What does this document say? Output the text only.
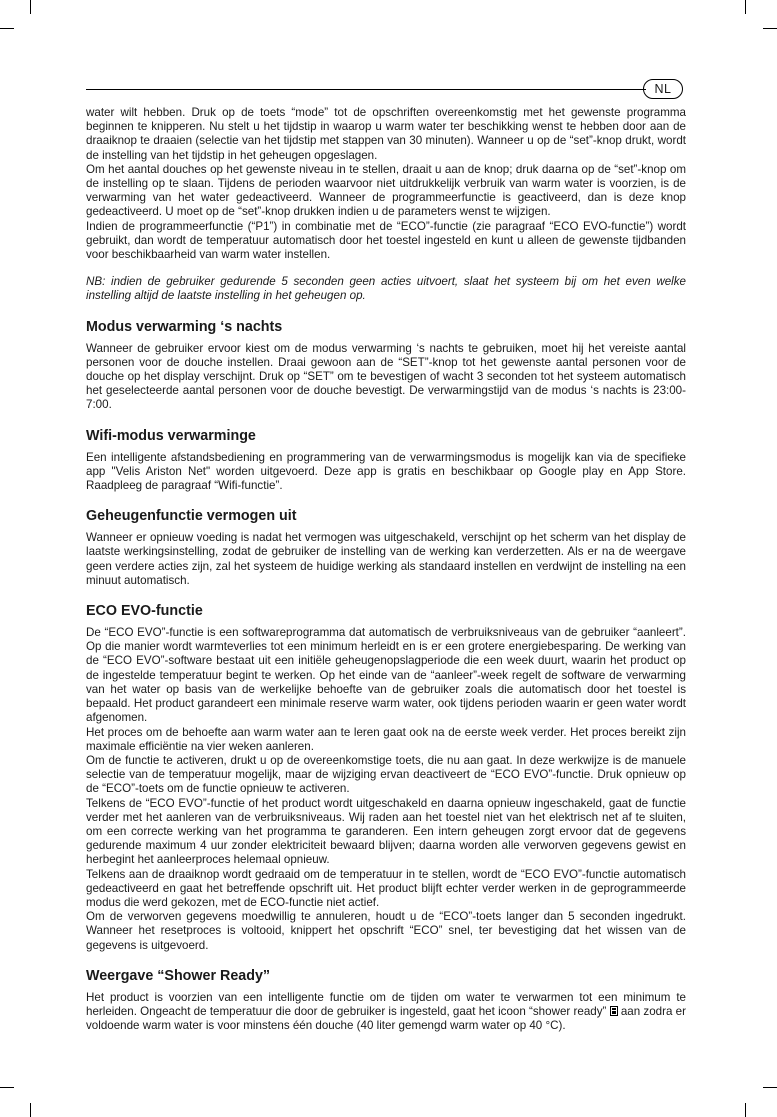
NL

water wilt hebben. Druk op de toets “mode” tot de opschriften overeenkomstig met het gewenste programma beginnen te knipperen. Nu stelt u het tijdstip in waarop u warm water ter beschikking wenst te hebben door aan de draaiknop te draaien (selectie van het tijdstip met stappen van 30 minuten). Wanneer u op de “set”-knop drukt, wordt de instelling van het tijdstip in het geheugen opgeslagen.

Om het aantal douches op het gewenste niveau in te stellen, draait u aan de knop; druk daarna op de “set”-knop om de instelling op te slaan. Tijdens de perioden waarvoor niet uitdrukkelijk verbruik van warm water is voorzien, is de verwarming van het water gedeactiveerd. Wanneer de programmeerfunctie is geactiveerd, dan is deze knop gedeactiveerd. U moet op de “set”-knop drukken indien u de parameters wenst te wijzigen.

Indien de programmeerfunctie (“P1”) in combinatie met de “ECO”-functie (zie paragraaf “ECO EVO-functie”) wordt gebruikt, dan wordt de temperatuur automatisch door het toestel ingesteld en kunt u alleen de gewenste tijdbanden voor beschikbaarheid van warm water instellen.

NB: indien de gebruiker gedurende 5 seconden geen acties uitvoert, slaat het systeem bij om het even welke instelling altijd de laatste instelling in het geheugen op.

Modus verwarming ‘s nachts

Wanneer de gebruiker ervoor kiest om de modus verwarming ‘s nachts te gebruiken, moet hij het vereiste aantal personen voor de douche instellen. Draai gewoon aan de “SET”-knop tot het gewenste aantal personen voor de douche op het display verschijnt. Druk op “SET” om te bevestigen of wacht 3 seconden tot het systeem automatisch het geselecteerde aantal personen voor de douche bevestigt. De verwarmingstijd van de modus ‘s nachts is 23:00-7:00.

Wifi-modus verwarminge

Een intelligente afstandsbediening en programmering van de verwarmingsmodus is mogelijk kan via de specifieke app "Velis Ariston Net" worden uitgevoerd. Deze app is gratis en beschikbaar op Google play en App Store. Raadpleeg de paragraaf “Wifi-functie”.

Geheugenfunctie vermogen uit

Wanneer er opnieuw voeding is nadat het vermogen was uitgeschakeld, verschijnt op het scherm van het display de laatste werkingsinstelling, zodat de gebruiker de instelling van de werking kan verderzetten. Als er na de weergave geen verdere acties zijn, zal het systeem de huidige werking als standaard instellen en verdwijnt de instelling na een minuut automatisch.

ECO EVO-functie

De “ECO EVO”-functie is een softwareprogramma dat automatisch de verbruiksniveaus van de gebruiker “aanleert”. Op die manier wordt warmteverlies tot een minimum herleidt en is er een grotere energiebesparing. De werking van de “ECO EVO”-software bestaat uit een initiële geheugenopslagperiode die een week duurt, waarin het product op de ingestelde temperatuur begint te werken. Op het einde van de “aanleer”-week regelt de software de verwarming van het water op basis van de werkelijke behoefte van de gebruiker zoals die automatisch door het toestel is bepaald. Het product garandeert een minimale reserve warm water, ook tijdens perioden waarin er geen water wordt afgenomen.

Het proces om de behoefte aan warm water aan te leren gaat ook na de eerste week verder. Het proces bereikt zijn maximale efficiëntie na vier weken aanleren.

Om de functie te activeren, drukt u op de overeenkomstige toets, die nu aan gaat. In deze werkwijze is de manuele selectie van de temperatuur mogelijk, maar de wijziging ervan deactiveert de “ECO EVO”-functie. Druk opnieuw op de “ECO”-toets om de functie opnieuw te activeren.

Telkens de “ECO EVO”-functie of het product wordt uitgeschakeld en daarna opnieuw ingeschakeld, gaat de functie verder met het aanleren van de verbruiksniveaus. Wij raden aan het toestel niet van het elektrisch net af te sluiten, om een correcte werking van het programma te garanderen. Een intern geheugen zorgt ervoor dat de gegevens gedurende maximum 4 uur zonder elektriciteit bewaard blijven; daarna worden alle verworven gegevens gewist en herbegint het aanleerproces helemaal opnieuw.

Telkens aan de draaiknop wordt gedraaid om de temperatuur in te stellen, wordt de “ECO EVO”-functie automatisch gedeactiveerd en gaat het betreffende opschrift uit. Het product blijft echter verder werken in de geprogrammeerde modus die werd gekozen, met de ECO-functie niet actief.

Om de verworven gegevens moedwillig te annuleren, houdt u de “ECO”-toets langer dan 5 seconden ingedrukt. Wanneer het resetproces is voltooid, knippert het opschrift “ECO” snel, ter bevestiging dat het wissen van de gegevens is uitgevoerd.

Weergave “Shower Ready”

Het product is voorzien van een intelligente functie om de tijden om water te verwarmen tot een minimum te herleiden. Ongeacht de temperatuur die door de gebruiker is ingesteld, gaat het icoon “shower ready”  aan zodra er voldoende warm water is voor minstens één douche (40 liter gemengd warm water op 40 °C).
